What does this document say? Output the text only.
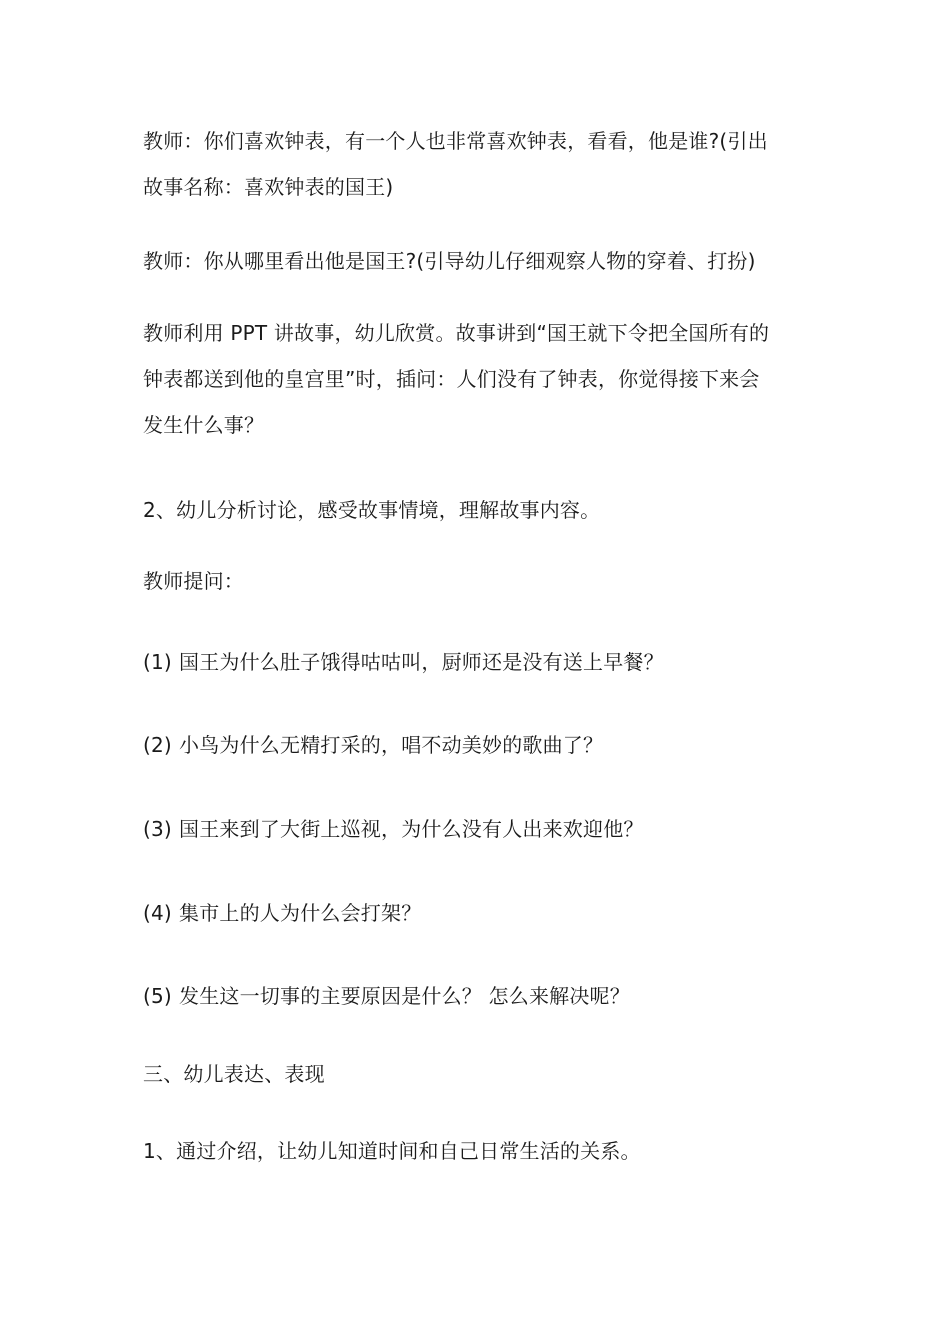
教师：你们喜欢钟表，有一个人也非常喜欢钟表，看看，他是谁?(引出
故事名称：喜欢钟表的国王)
教师：你从哪里看出他是国王?(引导幼儿仔细观察人物的穿着、打扮)
教师利用 PPT 讲故事，幼儿欣赏。故事讲到“国王就下令把全国所有的
钟表都送到他的皇宫里”时，插问：人们没有了钟表，你觉得接下来会
发生什么事？
2、幼儿分析讨论，感受故事情境，理解故事内容。
教师提问：
(1) 国王为什么肚子饿得咕咕叫，厨师还是没有送上早餐？
(2) 小鸟为什么无精打采的，唱不动美妙的歌曲了？
(3) 国王来到了大街上巡视，为什么没有人出来欢迎他？
(4) 集市上的人为什么会打架？
(5) 发生这一切事的主要原因是什么？ 怎么来解决呢？
三、幼儿表达、表现
1、通过介绍，让幼儿知道时间和自己日常生活的关系。
